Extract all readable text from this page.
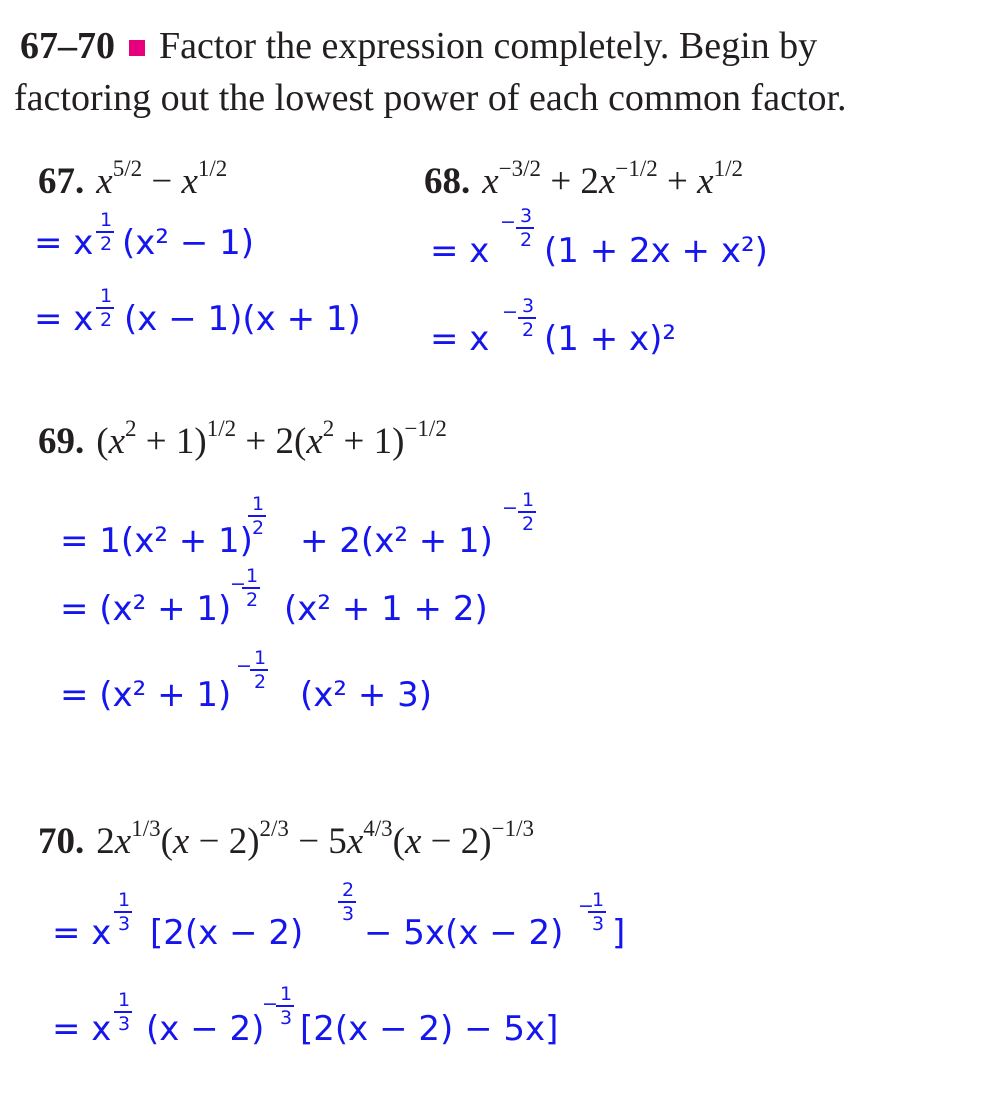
67–70 Factor the expression completely. Begin by
factoring out the lowest power of each common factor.
67. $x^{5/2} - x^{1/2}$	68. $x^{-3/2} + 2x^{-1/2} + x^{1/2}$
69. $(x^2 + 1)^{1/2} + 2(x^2 + 1)^{-1/2}$
70. $2x^{1/3}(x - 2)^{2/3} - 5x^{4/3}(x - 2)^{-1/3}$
= x
1
2 (x² − 1)
= x
1
2 (x − 1)(x + 1)
= x
− 3
2 (1 + 2x + x²)
= x
− 3
2 (1 + x)²
= 1(x² + 1)
1
2 + 2(x² + 1)
− 1
2
= (x² + 1)
− 1
2 (x² + 1 + 2)
= (x² + 1)
− 1
2 (x² + 3)
= x
1
3 [2(x − 2)
2
3 − 5x(x − 2)
−
1
3 ]
= x
1
3 (x − 2)
− 1
3 [2(x − 2) − 5x]
